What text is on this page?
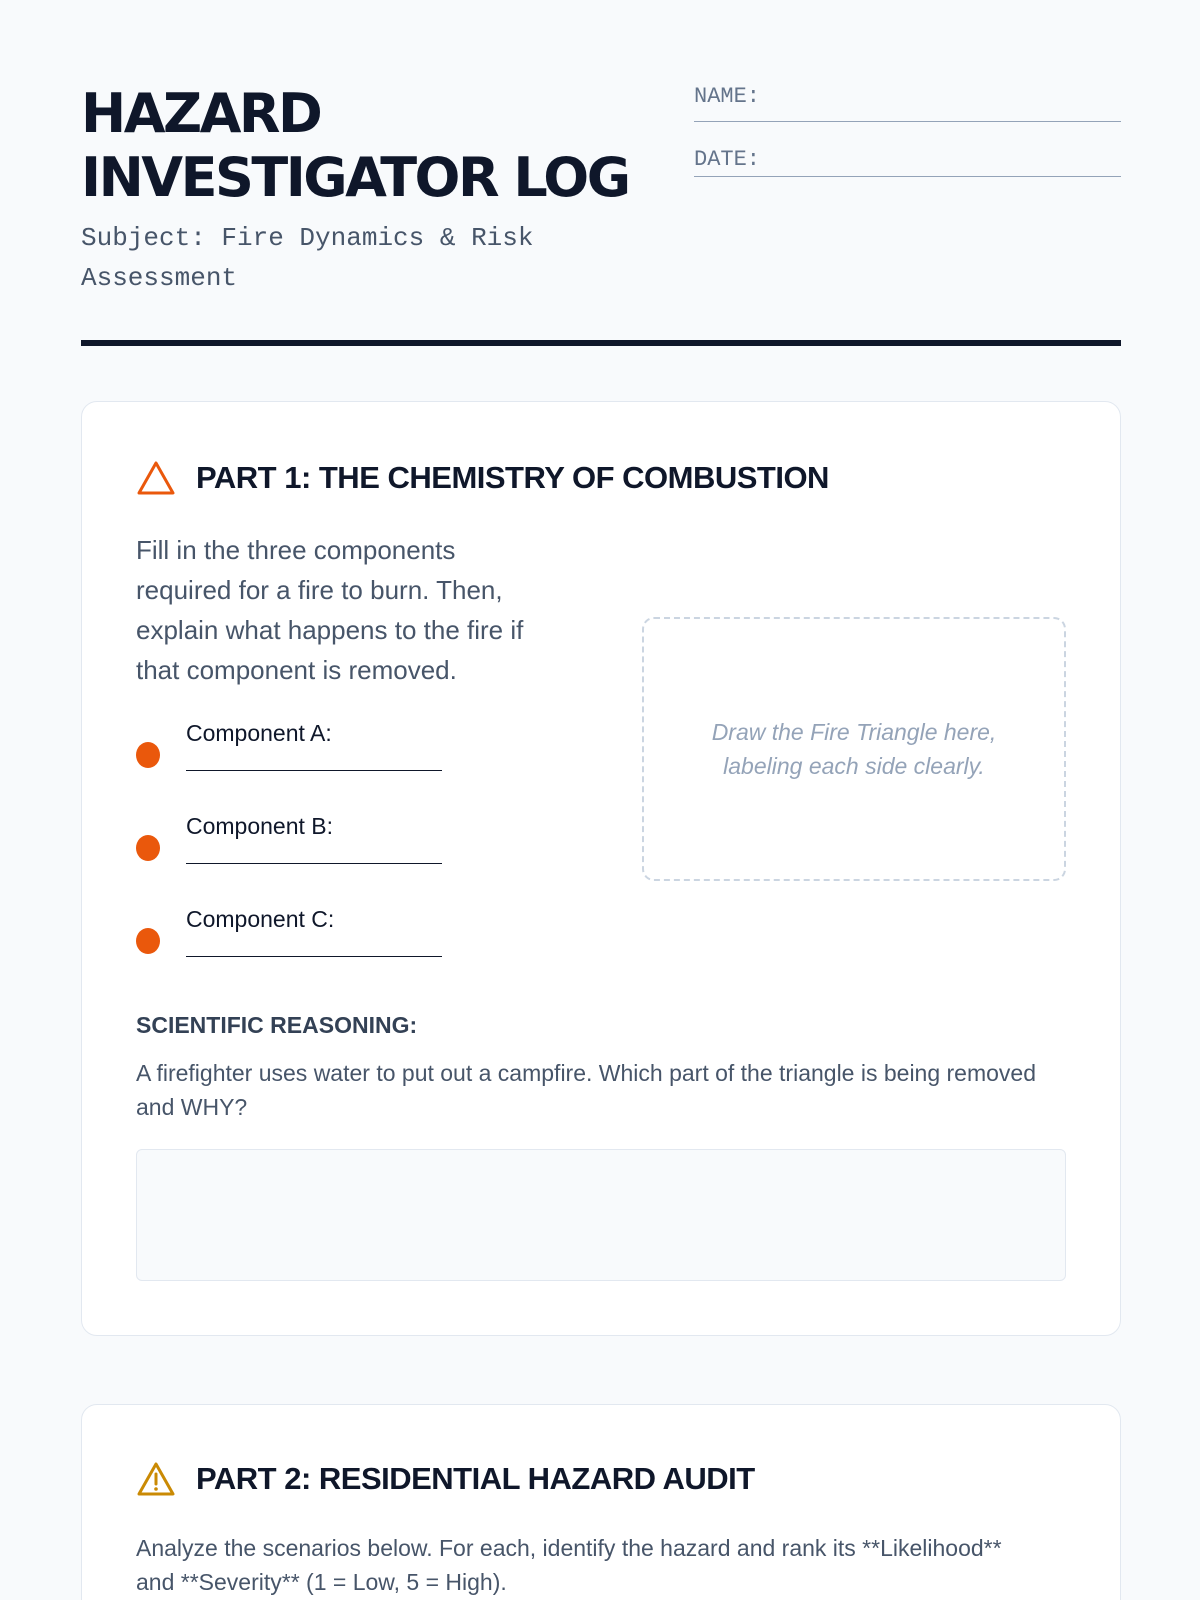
HAZARD
INVESTIGATOR LOG
Subject: Fire Dynamics & Risk Assessment
NAME:
DATE:
PART 1: THE CHEMISTRY OF COMBUSTION
Fill in the three components required for a fire to burn. Then, explain what happens to the fire if that component is removed.
Component A:
Component B:
Component C:
Draw the Fire Triangle here, labeling each side clearly.
SCIENTIFIC REASONING:
A firefighter uses water to put out a campfire. Which part of the triangle is being removed and WHY?
PART 2: RESIDENTIAL HAZARD AUDIT
Analyze the scenarios below. For each, identify the hazard and rank its **Likelihood** and **Severity** (1 = Low, 5 = High).
